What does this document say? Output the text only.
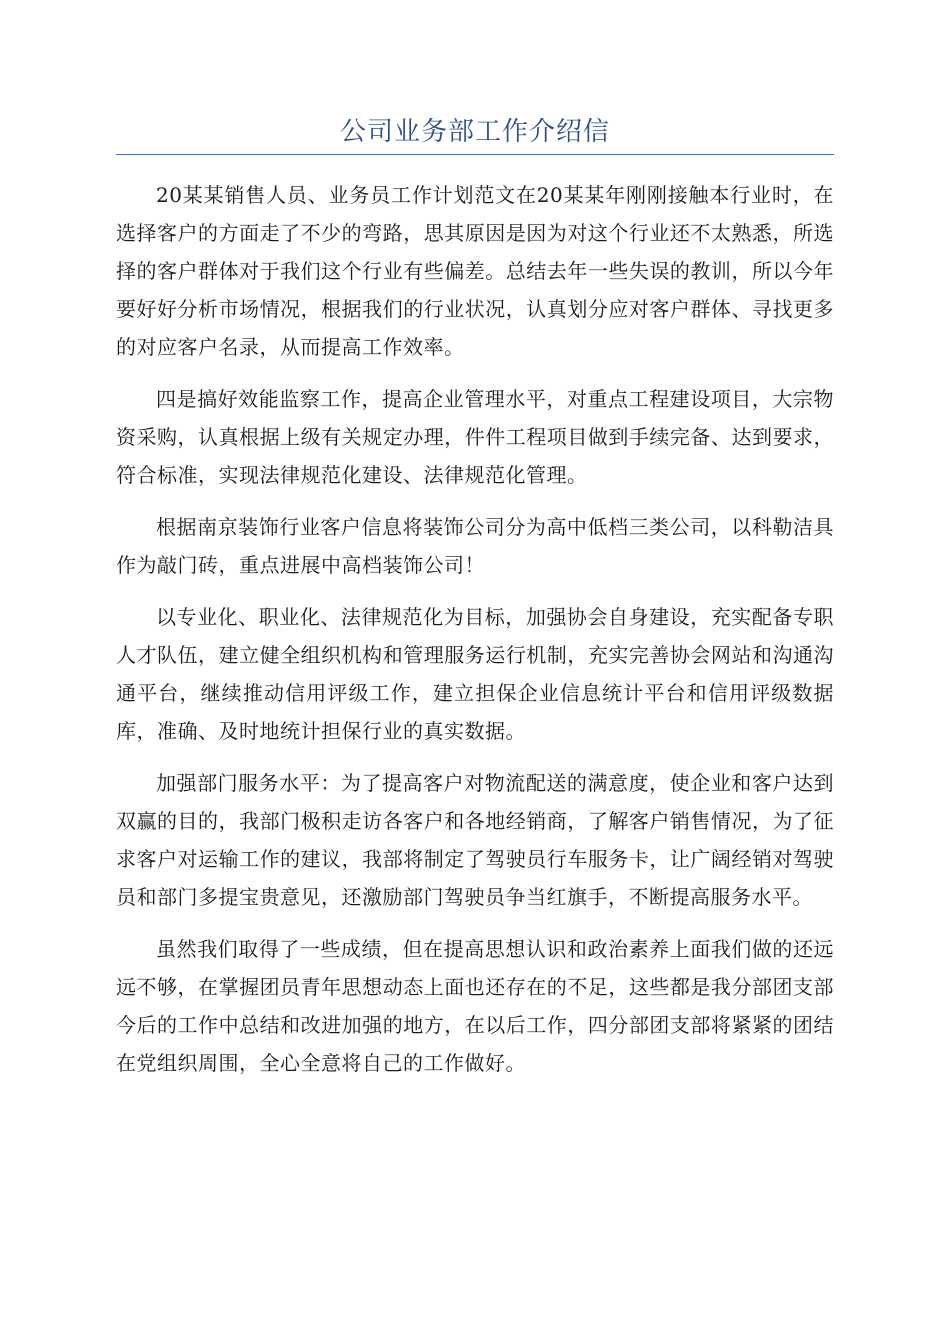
公司业务部工作介绍信

20某某销售人员、业务员工作计划范文在20某某年刚刚接触本行业时，在选择客户的方面走了不少的弯路，思其原因是因为对这个行业还不太熟悉，所选择的客户群体对于我们这个行业有些偏差。总结去年一些失误的教训，所以今年要好好分析市场情况，根据我们的行业状况，认真划分应对客户群体、寻找更多的对应客户名录，从而提高工作效率。

四是搞好效能监察工作，提高企业管理水平，对重点工程建设项目，大宗物资采购，认真根据上级有关规定办理，件件工程项目做到手续完备、达到要求，符合标准，实现法律规范化建设、法律规范化管理。

根据南京装饰行业客户信息将装饰公司分为高中低档三类公司，以科勒洁具作为敲门砖，重点进展中高档装饰公司！

以专业化、职业化、法律规范化为目标，加强协会自身建设，充实配备专职人才队伍，建立健全组织机构和管理服务运行机制，充实完善协会网站和沟通沟通平台，继续推动信用评级工作，建立担保企业信息统计平台和信用评级数据库，准确、及时地统计担保行业的真实数据。

加强部门服务水平：为了提高客户对物流配送的满意度，使企业和客户达到双赢的目的，我部门极积走访各客户和各地经销商，了解客户销售情况，为了征求客户对运输工作的建议，我部将制定了驾驶员行车服务卡，让广阔经销对驾驶员和部门多提宝贵意见，还激励部门驾驶员争当红旗手，不断提高服务水平。

虽然我们取得了一些成绩，但在提高思想认识和政治素养上面我们做的还远远不够，在掌握团员青年思想动态上面也还存在的不足，这些都是我分部团支部今后的工作中总结和改进加强的地方，在以后工作，四分部团支部将紧紧的团结在党组织周围，全心全意将自己的工作做好。
